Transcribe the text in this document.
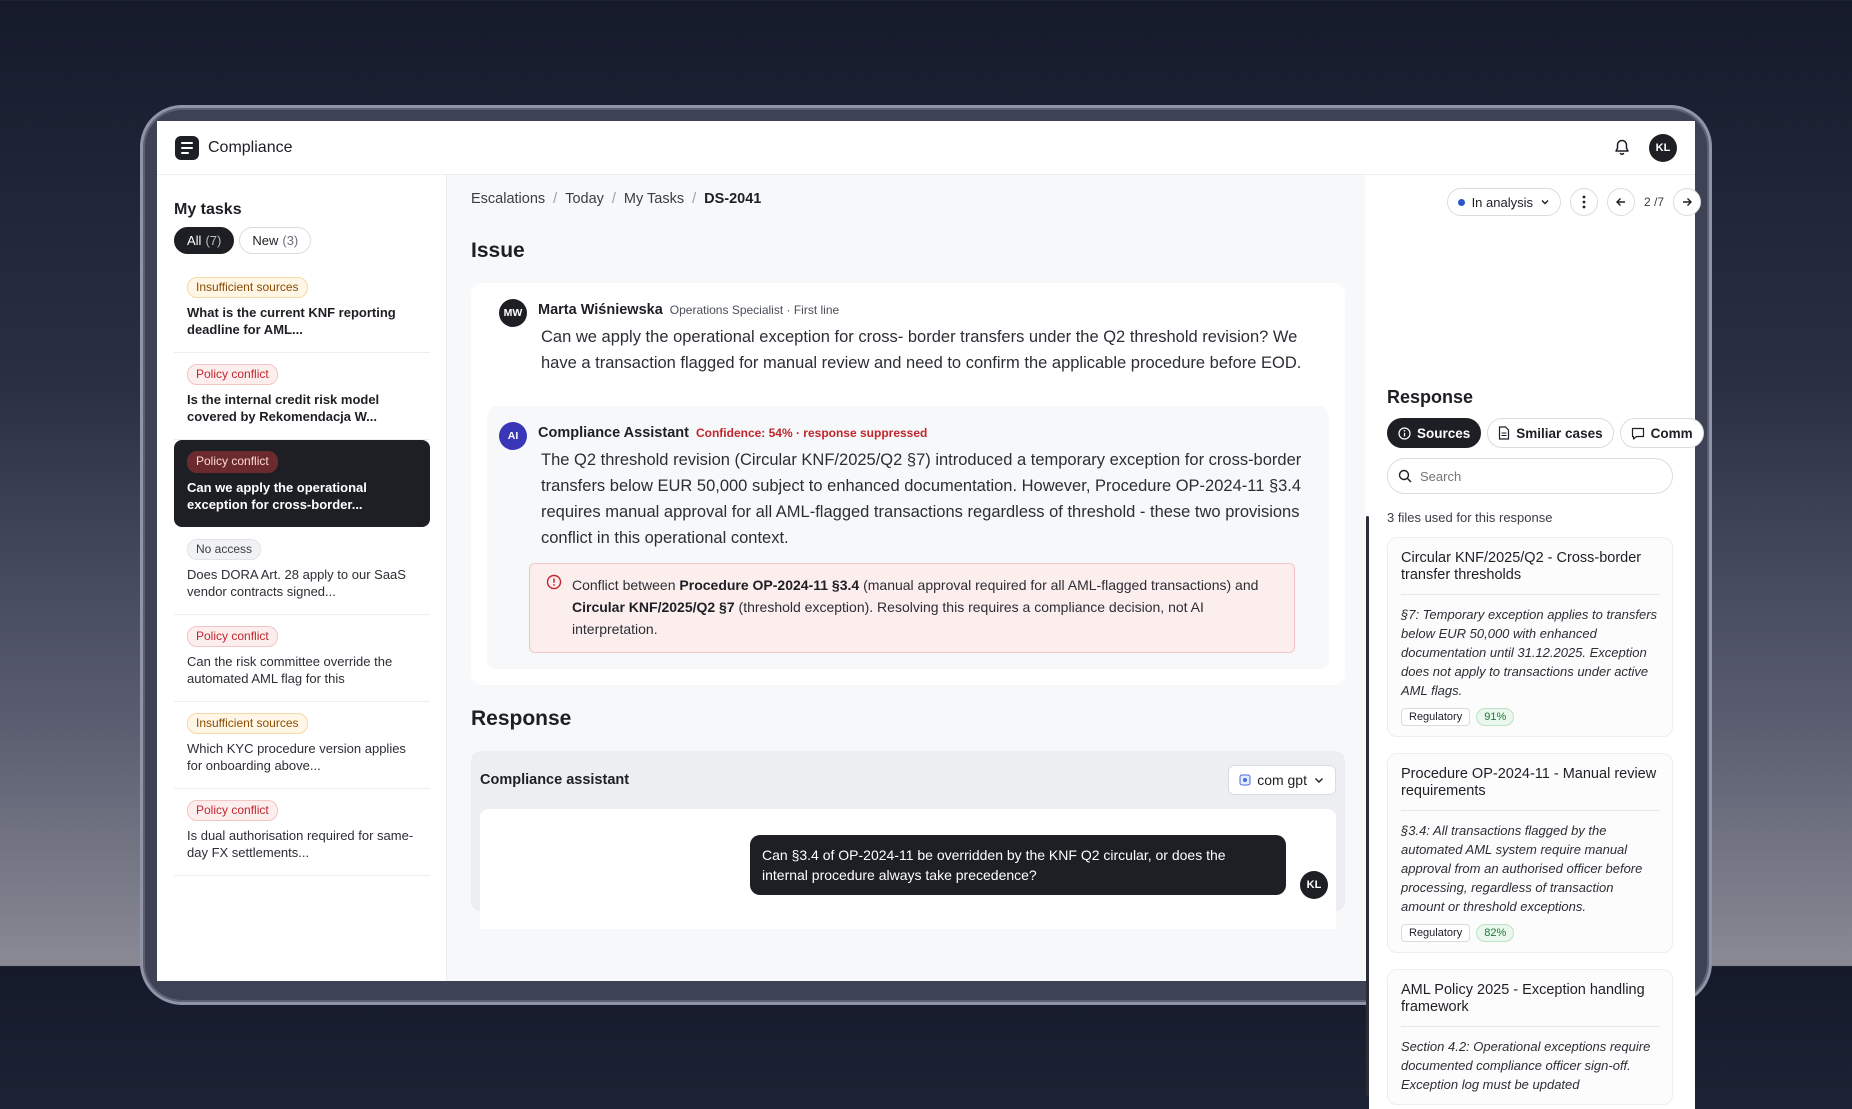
Compliance	KL
My tasks
All (7) New (3)
Insufficient sources
What is the current KNF reporting deadline for AML...
Policy conflict
Is the internal credit risk model covered by Rekomendacja W...
Policy conflict
Can we apply the operational exception for cross-border...
No access
Does DORA Art. 28 apply to our SaaS vendor contracts signed...
Policy conflict
Can the risk committee override the automated AML flag for this
Insufficient sources
Which KYC procedure version applies for onboarding above...
Policy conflict
Is dual authorisation required for same-day FX settlements...
Escalations / Today / My Tasks / DS-2041	In analysis	2 /7
Issue
MW	Marta Wiśniewska Operations Specialist · First line

Can we apply the operational exception for cross- border transfers under the Q2 threshold revision? We have a transaction flagged for manual review and need to confirm the applicable procedure before EOD.

AI	Compliance Assistant Confidence: 54% · response suppressed

The Q2 threshold revision (Circular KNF/2025/Q2 §7) introduced a temporary exception for cross-border transfers below EUR 50,000 subject to enhanced documentation. However, Procedure OP-2024-11 §3.4 requires manual approval for all AML-flagged transactions regardless of threshold - these two provisions conflict in this operational context.

Conflict between Procedure OP-2024-11 §3.4 (manual approval required for all AML-flagged transactions) and Circular KNF/2025/Q2 §7 (threshold exception). Resolving this requires a compliance decision, not AI interpretation.
Response
Compliance assistant	com gpt
Can §3.4 of OP-2024-11 be overridden by the KNF Q2 circular, or does the internal procedure always take precedence?
KL
Response
Sources	Smiliar cases	Comm
Search
3 files used for this response
Circular KNF/2025/Q2 - Cross-border transfer thresholds
§7: Temporary exception applies to transfers below EUR 50,000 with enhanced documentation until 31.12.2025. Exception does not apply to transactions under active AML flags.
Regulatory	91%
Procedure OP-2024-11 - Manual review requirements
§3.4: All transactions flagged by the automated AML system require manual approval from an authorised officer before processing, regardless of transaction amount or threshold exceptions.
Regulatory	82%
AML Policy 2025 - Exception handling framework
Section 4.2: Operational exceptions require documented compliance officer sign-off. Exception log must be updated
